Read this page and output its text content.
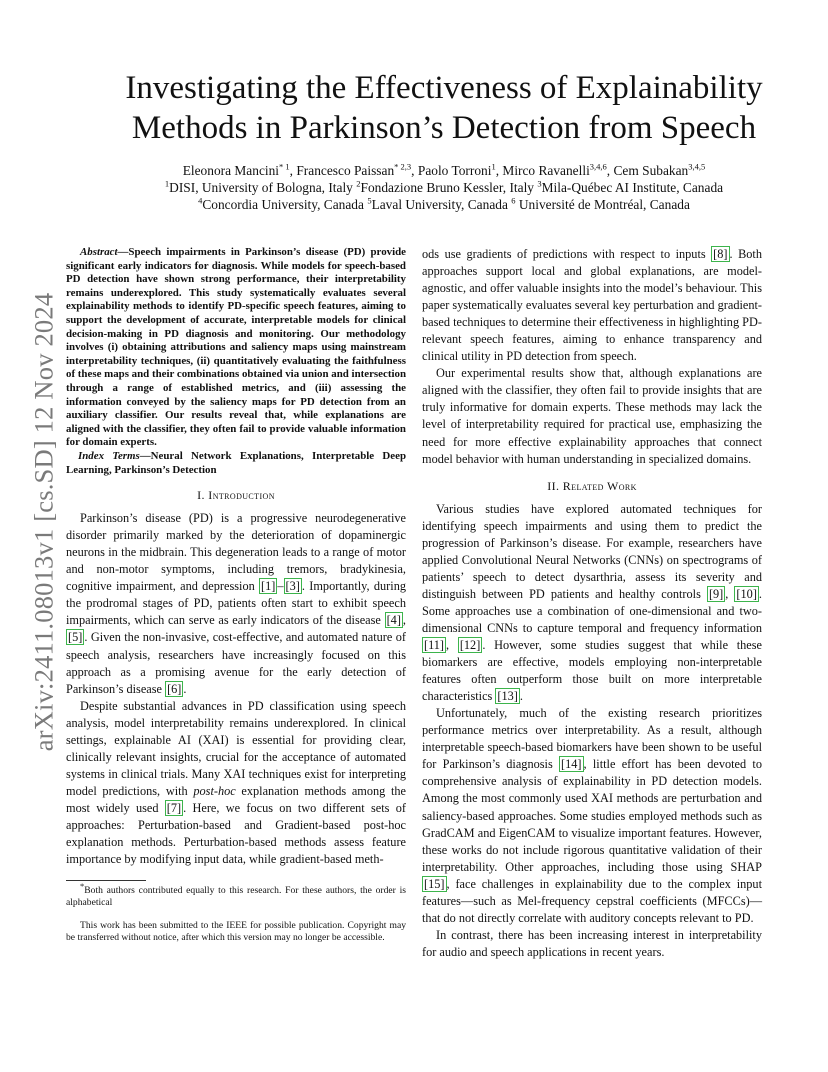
arXiv:2411.08013v1 [cs.SD] 12 Nov 2024
Investigating the Effectiveness of Explainability
Methods in Parkinson’s Detection from Speech
Eleonora Mancini$^{* 1}$, Francesco Paissan$^{* 2,3}$, Paolo Torroni$^1$, Mirco Ravanelli$^{3,4,6}$, Cem Subakan$^{3,4,5}$
$^1$DISI, University of Bologna, Italy $^2$Fondazione Bruno Kessler, Italy $^3$Mila-Québec AI Institute, Canada
$^4$Concordia University, Canada $^5$Laval University, Canada $^6$ Université de Montréal, Canada

Abstract—Speech impairments in Parkinson’s disease (PD) provide significant early indicators for diagnosis. While models for speech-based PD detection have shown strong performance, their interpretability remains underexplored. This study systematically evaluates several explainability methods to identify PD-specific speech features, aiming to support the development of accurate, interpretable models for clinical decision-making in PD diagnosis and monitoring. Our methodology involves (i) obtaining attributions and saliency maps using mainstream interpretability techniques, (ii) quantitatively evaluating the faithfulness of these maps and their combinations obtained via union and intersection through a range of established metrics, and (iii) assessing the information conveyed by the saliency maps for PD detection from an auxiliary classifier. Our results reveal that, while explanations are aligned with the classifier, they often fail to provide valuable information for domain experts.

Index Terms—Neural Network Explanations, Interpretable Deep Learning, Parkinson’s Detection

I. Introduction

Parkinson’s disease (PD) is a progressive neurodegenerative disorder primarily marked by the deterioration of dopaminergic neurons in the midbrain. This degeneration leads to a range of motor and non-motor symptoms, including tremors, bradykinesia, cognitive impairment, and depression [1] – [3] . Importantly, during the prodromal stages of PD, patients often start to exhibit speech impairments, which can serve as early indicators of the disease [4] , [5] . Given the non-invasive, cost-effective, and automated nature of speech analysis, researchers have increasingly focused on this approach as a promising avenue for the early detection of Parkinson’s disease [6] .

Despite substantial advances in PD classification using speech analysis, model interpretability remains underexplored. In clinical settings, explainable AI (XAI) is essential for providing clear, clinically relevant insights, crucial for the acceptance of automated systems in clinical trials. Many XAI techniques exist for interpreting model predictions, with post-hoc explanation methods among the most widely used [7] . Here, we focus on two different sets of approaches: Perturbation-based and Gradient-based post-hoc explanation methods. Perturbation-based methods assess feature importance by modifying input data, while gradient-based meth-

*Both authors contributed equally to this research. For these authors, the order is alphabetical

This work has been submitted to the IEEE for possible publication. Copyright may be transferred without notice, after which this version may no longer be accessible.

ods use gradients of predictions with respect to inputs [8] . Both approaches support local and global explanations, are model-agnostic, and offer valuable insights into the model’s behaviour. This paper systematically evaluates several key perturbation and gradient-based techniques to determine their effectiveness in highlighting PD-relevant speech features, aiming to enhance transparency and clinical utility in PD detection from speech.

Our experimental results show that, although explanations are aligned with the classifier, they often fail to provide insights that are truly informative for domain experts. These methods may lack the level of interpretability required for practical use, emphasizing the need for more effective explainability approaches that connect model behavior with human understanding in specialized domains.

II. Related Work

Various studies have explored automated techniques for identifying speech impairments and using them to predict the progression of Parkinson’s disease. For example, researchers have applied Convolutional Neural Networks (CNNs) on spectrograms of patients’ speech to detect dysarthria, assess its severity and distinguish between PD patients and healthy controls [9] , [10] . Some approaches use a combination of one-dimensional and two-dimensional CNNs to capture temporal and frequency information [11] , [12] . However, some studies suggest that while these biomarkers are effective, models employing non-interpretable features often outperform those built on more interpretable characteristics [13] .

Unfortunately, much of the existing research prioritizes performance metrics over interpretability. As a result, although interpretable speech-based biomarkers have been shown to be useful for Parkinson’s diagnosis [14] , little effort has been devoted to comprehensive analysis of explainability in PD detection models. Among the most commonly used XAI methods are perturbation and saliency-based approaches. Some studies employed methods such as GradCAM and EigenCAM to visualize important features. However, these works do not include rigorous quantitative validation of their interpretability. Other approaches, including those using SHAP [15] , face challenges in explainability due to the complex input features—such as Mel-frequency cepstral coefficients (MFCCs)—that do not directly correlate with auditory concepts relevant to PD.

In contrast, there has been increasing interest in interpretability for audio and speech applications in recent years.
